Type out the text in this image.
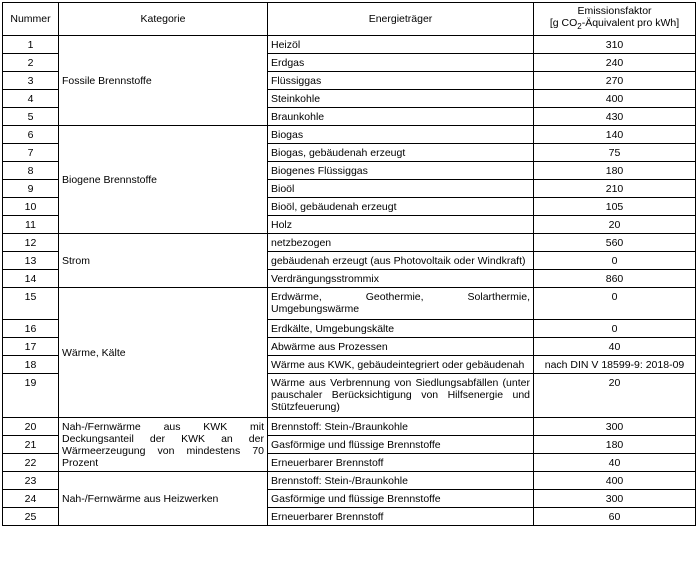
Nummer	Kategorie	Energieträger	Emissionsfaktor
[g $CO_2$-Äquivalent pro kWh]

1	Fossile Brennstoffe	Heizöl	310
2		Erdgas	240
3		Flüssiggas	270
4		Steinkohle	400
5		Braunkohle	430
6	Biogene Brennstoffe	Biogas	140
7		Biogas, gebäudenah erzeugt	75
8		Biogenes Flüssiggas	180
9		Bioöl	210
10		Bioöl, gebäudenah erzeugt	105
11		Holz	20
12	Strom	netzbezogen	560
13		gebäudenah erzeugt (aus Photovoltaik oder Windkraft)	0
14		Verdrängungsstrommix	860
15	Wärme, Kälte	Erdwärme, Geothermie, Solarthermie, Umgebungswärme	0
16		Erdkälte, Umgebungskälte	0
17		Abwärme aus Prozessen	40
18		Wärme aus KWK, gebäudeintegriert oder gebäudenah	nach DIN V 18599-9: 2018-09
19		Wärme aus Verbrennung von Siedlungsabfällen (unter pauschaler Berücksichtigung von Hilfsenergie und Stützfeuerung)	20
20	Nah-/Fernwärme aus KWK mit Deckungsanteil der KWK an der Wärmeerzeugung von mindestens 70 Prozent	Brennstoff: Stein-/Braunkohle	300
21		Gasförmige und flüssige Brennstoffe	180
22		Erneuerbarer Brennstoff	40
23	Nah-/Fernwärme aus Heizwerken	Brennstoff: Stein-/Braunkohle	400
24		Gasförmige und flüssige Brennstoffe	300
25		Erneuerbarer Brennstoff	60
